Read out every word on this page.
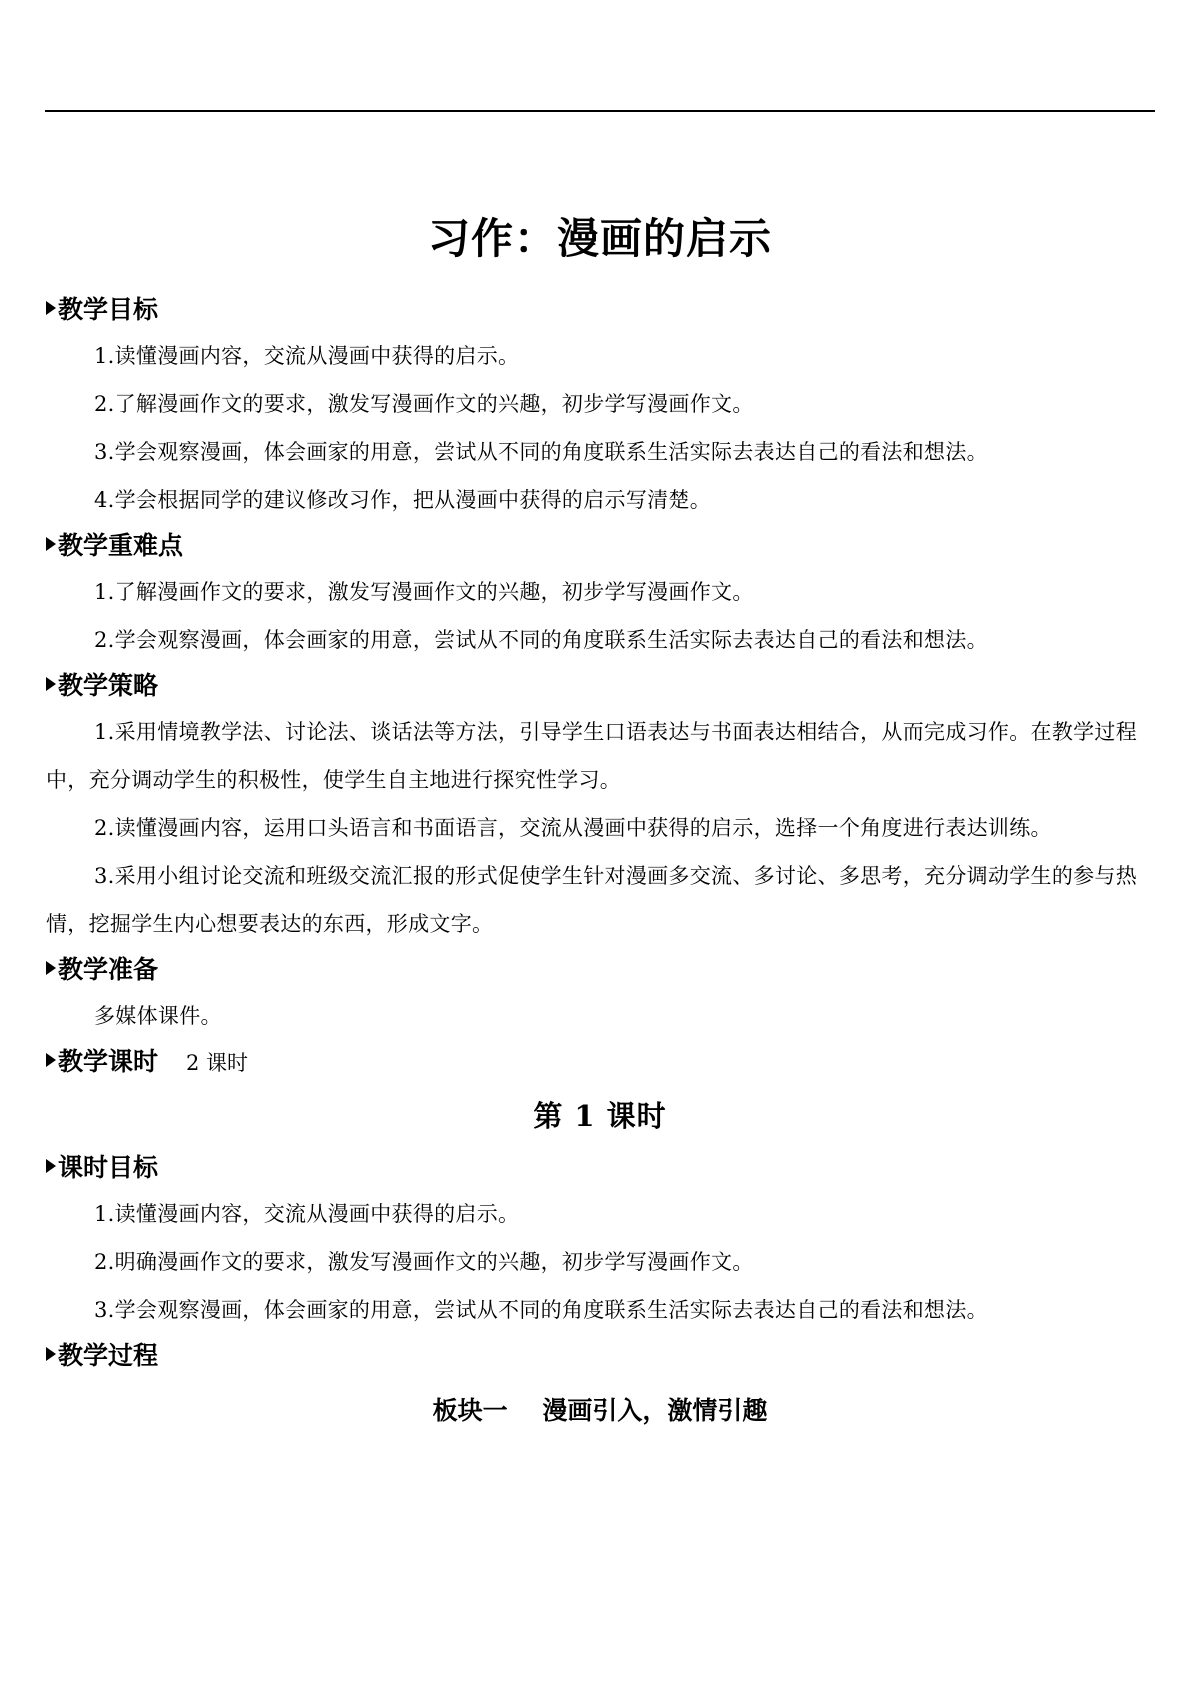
习作：漫画的启示
教学目标

1.读懂漫画内容，交流从漫画中获得的启示。

2.了解漫画作文的要求，激发写漫画作文的兴趣，初步学写漫画作文。

3.学会观察漫画，体会画家的用意，尝试从不同的角度联系生活实际去表达自己的看法和想法。

4.学会根据同学的建议修改习作，把从漫画中获得的启示写清楚。

教学重难点

1.了解漫画作文的要求，激发写漫画作文的兴趣，初步学写漫画作文。

2.学会观察漫画，体会画家的用意，尝试从不同的角度联系生活实际去表达自己的看法和想法。

教学策略

1.采用情境教学法、讨论法、谈话法等方法，引导学生口语表达与书面表达相结合，从而完成习作。在教学过程中，充分调动学生的积极性，使学生自主地进行探究性学习。

2.读懂漫画内容，运用口头语言和书面语言，交流从漫画中获得的启示，选择一个角度进行表达训练。

3.采用小组讨论交流和班级交流汇报的形式促使学生针对漫画多交流、多讨论、多思考，充分调动学生的参与热情，挖掘学生内心想要表达的东西，形成文字。

教学准备

多媒体课件。

教学课时 2 课时
第 1 课时
课时目标

1.读懂漫画内容，交流从漫画中获得的启示。

2.明确漫画作文的要求，激发写漫画作文的兴趣，初步学写漫画作文。

3.学会观察漫画，体会画家的用意，尝试从不同的角度联系生活实际去表达自己的看法和想法。

教学过程
板块一    漫画引入，激情引趣
